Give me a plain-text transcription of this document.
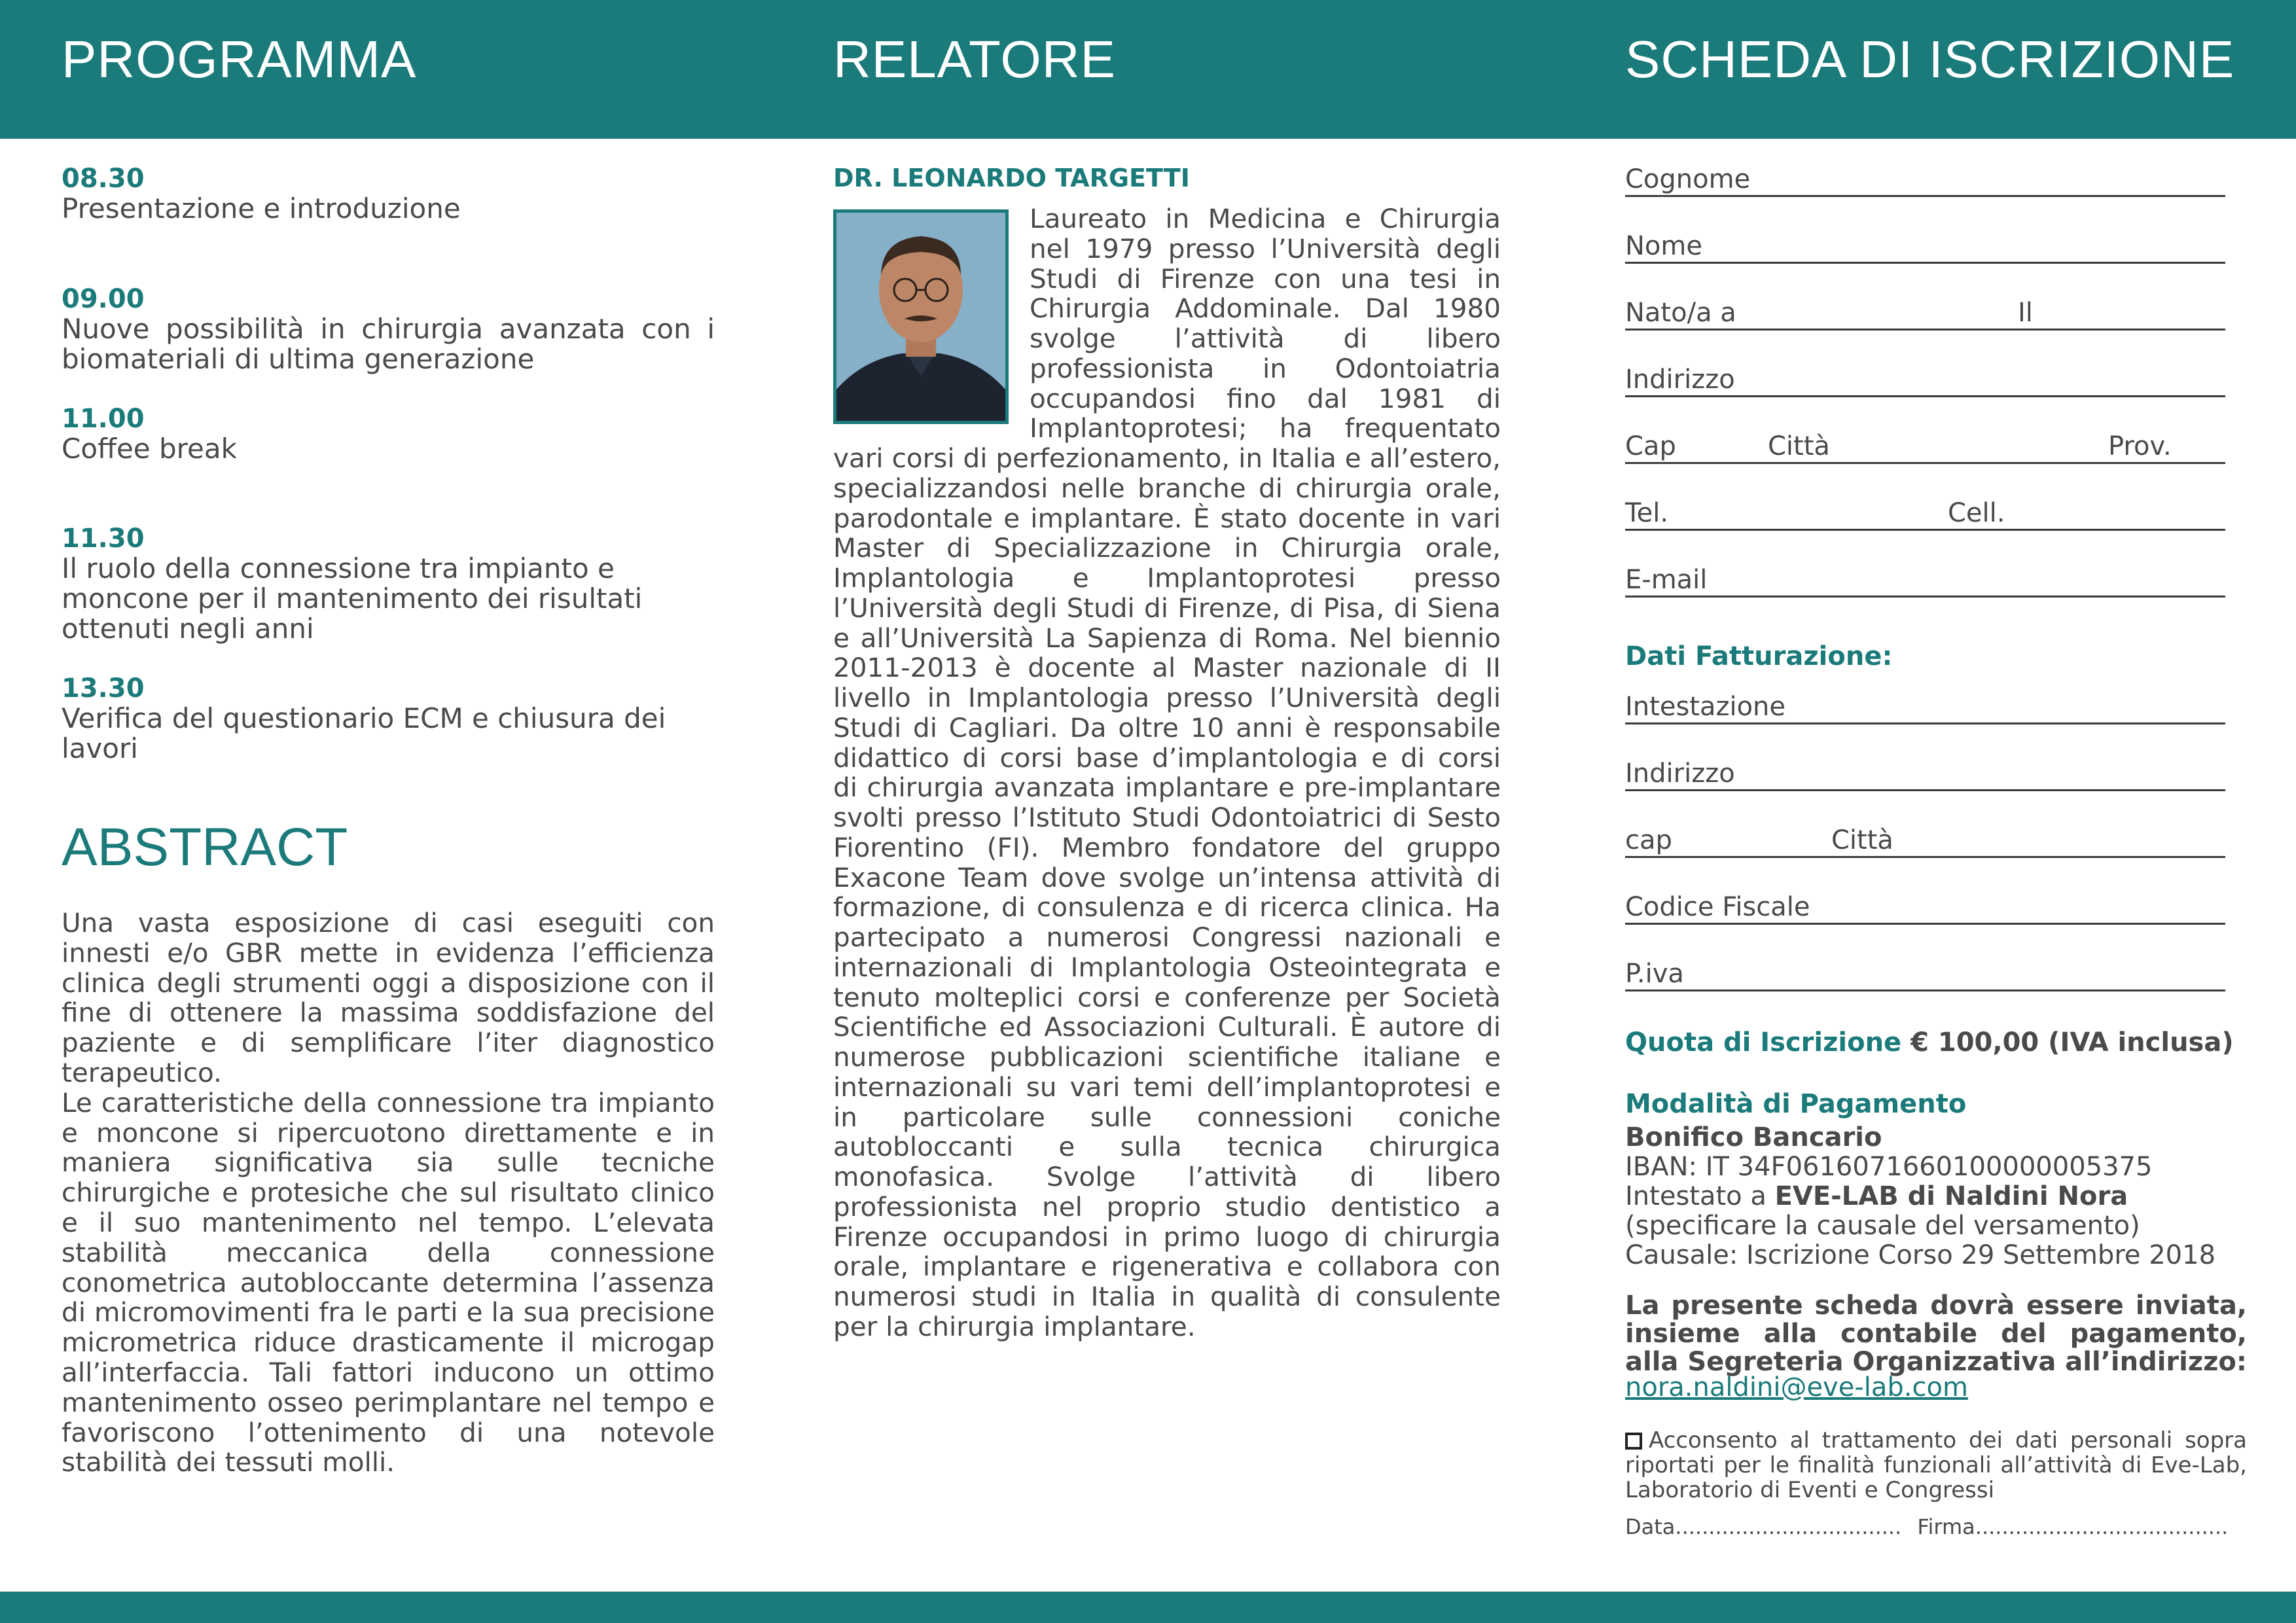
PROGRAMMA	RELATORE	SCHEDA DI ISCRIZIONE
08.30
Presentazione e introduzione
09.00
Nuove possibilità in chirurgia avanzata con i biomateriali di ultima generazione
11.00
Coffee break
11.30
Il ruolo della connessione tra impianto e moncone per il mantenimento dei risultati ottenuti negli anni
13.30
Verifica del questionario ECM e chiusura dei lavori
ABSTRACT

Una vasta esposizione di casi eseguiti con innesti e/o GBR mette in evidenza l’efficienza clinica degli strumenti oggi a disposizione con il fine di ottenere la massima soddisfazione del paziente e di semplificare l’iter diagnostico terapeutico.

Le caratteristiche della connessione tra impianto e moncone si ripercuotono direttamente e in maniera significativa sia sulle tecniche chirurgiche e protesiche che sul risultato clinico e il suo mantenimento nel tempo. L’elevata stabilità meccanica della connessione conometrica autobloccante determina l’assenza di micromovimenti fra le parti e la sua precisione micrometrica riduce drasticamente il microgap all’interfaccia. Tali fattori inducono un ottimo mantenimento osseo perimplantare nel tempo e favoriscono l’ottenimento di una notevole stabilità dei tessuti molli.

DR. LEONARDO TARGETTI
Laureato in Medicina e Chirurgia nel 1979 presso l’Università degli Studi di Firenze con una tesi in Chirurgia Addominale. Dal 1980 svolge l’attività di libero professionista in Odontoiatria occupandosi fino dal 1981 di Implantoprotesi; ha frequentato vari corsi di perfezionamento, in Italia e all’estero, specializzandosi nelle branche di chirurgia orale, parodontale e implantare. È stato docente in vari Master di Specializzazione in Chirurgia orale, Implantologia e Implantoprotesi presso l’Università degli Studi di Firenze, di Pisa, di Siena e all’Università La Sapienza di Roma. Nel biennio 2011-2013 è docente al Master nazionale di II livello in Implantologia presso l’Università degli Studi di Cagliari. Da oltre 10 anni è responsabile didattico di corsi base d’implantologia e di corsi di chirurgia avanzata implantare e pre-implantare svolti presso l’Istituto Studi Odontoiatrici di Sesto Fiorentino (FI). Membro fondatore del gruppo Exacone Team dove svolge un’intensa attività di formazione, di consulenza e di ricerca clinica. Ha partecipato a numerosi Congressi nazionali e internazionali di Implantologia Osteointegrata e tenuto molteplici corsi e conferenze per Società Scientifiche ed Associazioni Culturali. È autore di numerose pubblicazioni scientifiche italiane e internazionali su vari temi dell’implantoprotesi e in particolare sulle connessioni coniche autobloccanti e sulla tecnica chirurgica monofasica. Svolge l’attività di libero professionista nel proprio studio dentistico a Firenze occupandosi in primo luogo di chirurgia orale, implantare e rigenerativa e collabora con numerosi studi in Italia in qualità di consulente per la chirurgia implantare.
Cognome
Nome
Nato/a a	Il
Indirizzo
Cap	Città	Prov.
Tel.	Cell.
E-mail
Dati Fatturazione:
Intestazione
Indirizzo
cap	Città
Codice Fiscale
P.iva
Quota di Iscrizione € 100,00 (IVA inclusa)
Modalità di Pagamento
Bonifico Bancario
IBAN: IT 34F0616071660100000005375
Intestato a EVE-LAB di Naldini Nora
(specificare la causale del versamento)
Causale: Iscrizione Corso 29 Settembre 2018
La presente scheda dovrà essere inviata, insieme alla contabile del pagamento, alla Segreteria Organizzativa all’indirizzo:
nora.naldini@eve-lab.com
Acconsento al trattamento dei dati personali sopra riportati per le finalità funzionali all’attività di Eve-Lab, Laboratorio di Eventi e Congressi
Data.................................. Firma......................................
